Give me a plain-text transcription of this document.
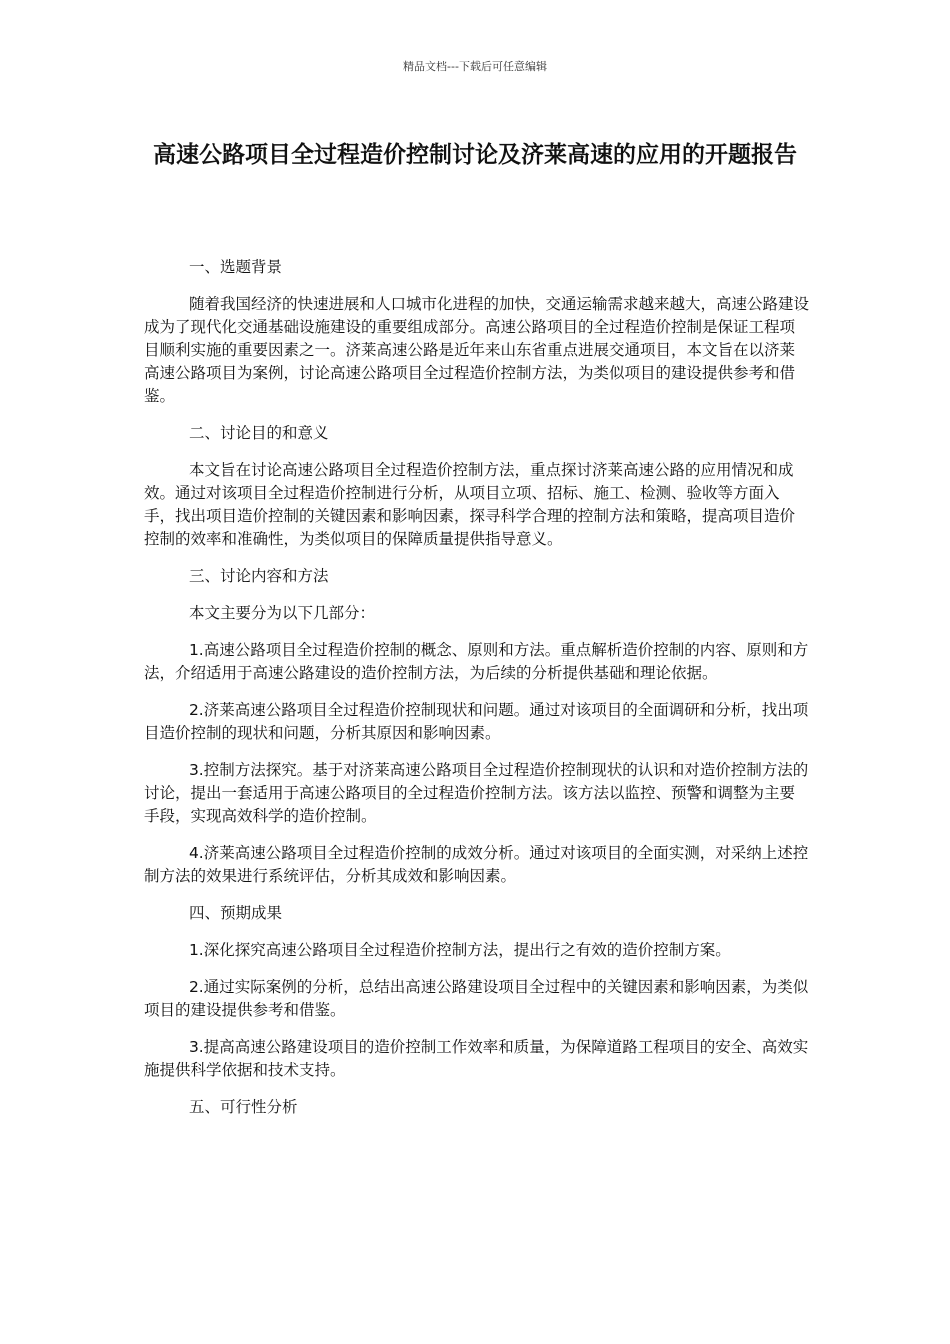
精品文档---下载后可任意编辑
高速公路项目全过程造价控制讨论及济莱高速的应用的开题报告

一、选题背景

随着我国经济的快速进展和人口城市化进程的加快，交通运输需求越来越大，高速公路建设成为了现代化交通基础设施建设的重要组成部分。高速公路项目的全过程造价控制是保证工程项目顺利实施的重要因素之一。济莱高速公路是近年来山东省重点进展交通项目，本文旨在以济莱高速公路项目为案例，讨论高速公路项目全过程造价控制方法，为类似项目的建设提供参考和借鉴。

二、讨论目的和意义

本文旨在讨论高速公路项目全过程造价控制方法，重点探讨济莱高速公路的应用情况和成效。通过对该项目全过程造价控制进行分析，从项目立项、招标、施工、检测、验收等方面入手，找出项目造价控制的关键因素和影响因素，探寻科学合理的控制方法和策略，提高项目造价控制的效率和准确性，为类似项目的保障质量提供指导意义。

三、讨论内容和方法

本文主要分为以下几部分：

1.高速公路项目全过程造价控制的概念、原则和方法。重点解析造价控制的内容、原则和方法，介绍适用于高速公路建设的造价控制方法，为后续的分析提供基础和理论依据。

2.济莱高速公路项目全过程造价控制现状和问题。通过对该项目的全面调研和分析，找出项目造价控制的现状和问题，分析其原因和影响因素。

3.控制方法探究。基于对济莱高速公路项目全过程造价控制现状的认识和对造价控制方法的讨论，提出一套适用于高速公路项目的全过程造价控制方法。该方法以监控、预警和调整为主要手段，实现高效科学的造价控制。

4.济莱高速公路项目全过程造价控制的成效分析。通过对该项目的全面实测，对采纳上述控制方法的效果进行系统评估，分析其成效和影响因素。

四、预期成果

1.深化探究高速公路项目全过程造价控制方法，提出行之有效的造价控制方案。

2.通过实际案例的分析，总结出高速公路建设项目全过程中的关键因素和影响因素，为类似项目的建设提供参考和借鉴。

3.提高高速公路建设项目的造价控制工作效率和质量，为保障道路工程项目的安全、高效实施提供科学依据和技术支持。

五、可行性分析
